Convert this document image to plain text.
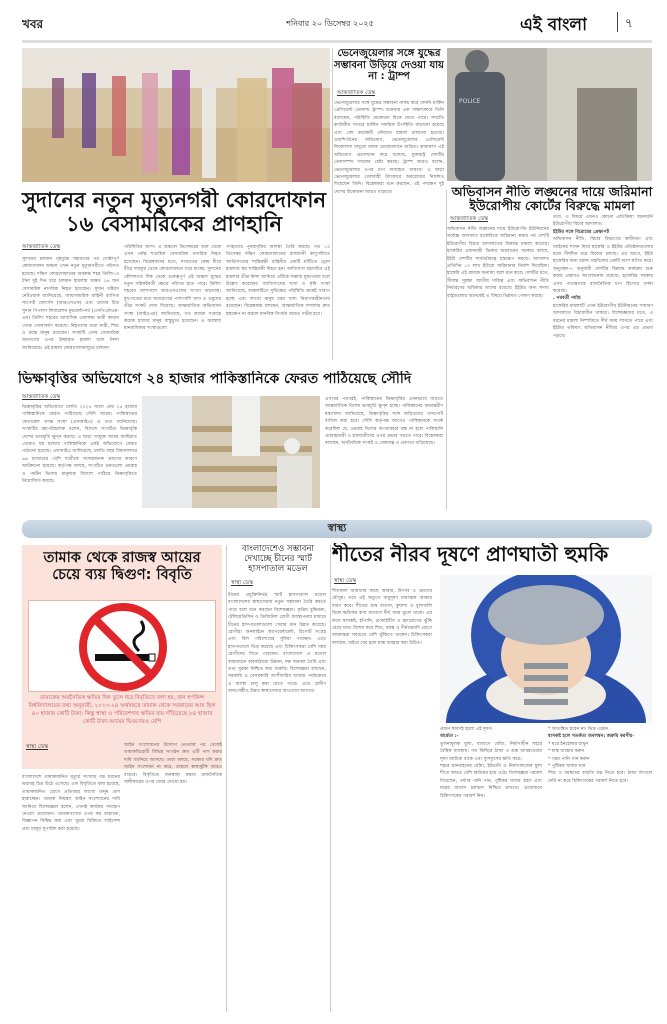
খবর	শনিবার ২০ ডিসেম্বর ২০২৫	এই বাংলা	৭
সুদানের নতুন মৃত্যুনগরী কোরদোফান
১৬ বেসামরিকের প্রাণহানি
আন্তর্জাতিক ডেস্ক
সুদানের চলমান গৃহযুদ্ধে সহায়তার পর গোষ্ঠাপূর্ণ কোরদোফান অঞ্চল এখন নতুন মৃত্যুনগরীতে পরিণত হয়েছে। দক্ষিণ কোরদোফানের অবরুদ্ধ শহর ডিলিং-এ টানা দুই দিন ধরে চলমান হামলায় অন্তত ১৬ জন বেসামরিক নাগরিক নিহত হয়েছেন। সুদান ডক্টরস নেটওয়ার্ক জানিয়েছে, আধাসামরিক বাহিনী র‍্যাপিড সাপোর্ট ফোর্সেস (আরএসএফ) এবং তাদের মিত্র সুদান পিপলস লিবারেশন মুভমেন্ট-নর্থ (এসপিএলএম-এন) ডিলিং শহরের আবাসিক এলাকায় ভারী কামান থেকে গোলাবর্ষণ করেছে। নিহতদের মধ্যে নারী, শিশু ও বয়স্ক মানুষ রয়েছেন। সংস্থাটি এসব বেসামরিক জনগণের ওপর ইচ্ছাকৃত হামলা বলে নিন্দা জানিয়েছে। এই হামলা কোরদোফানজুড়ে চলমান
পরিস্থিতির অংশ। এ অঞ্চলে ডিসেম্বরের শুরু থেকে এখন পর্যন্ত শতাধিক বেসামরিক নাগরিক নিহত হয়েছেন। বিশ্লেষকদের মতে, সংঘাতের কেন্দ্র ধীরে ধীরে দারফুর থেকে কোরদোফানে সরে যাচ্ছে। সুদানের কৌশলগত দিক থেকে গুরুত্বপূর্ণ এই অঞ্চল যুদ্ধের নতুন সন্নিকটবর্তী ক্ষেত্রে পরিণত হতে পারে। ডিলিং শহরের আশপাশে আরএসএফের সংখ্যা বাড়াচ্ছে। মুখপাত্রের মতে অবরোধের পাশাপাশি খাদ্য ও ওষুধের তীব্র সংকট দেখা দিয়েছে। আন্তর্জাতিক অভিবাসন সংস্থা (আইওএম) জানিয়েছে, গত কয়েক সপ্তাহে কয়েক হাজার মানুষ বাস্তুচ্যুত হয়েছেন। এ অবস্থায় মানবাধিকার সংস্থাগুলো
গণহত্যার পুনরাবৃত্তির আশঙ্কা তৈরি করছে। গত ১৩ ডিসেম্বর দক্ষিণ কোরদোফানের রাজধানী কাদুগলিতে জাতিসংঘের শান্তিরক্ষী বাহিনীর একটি ঘাঁটিতে ড্রোন হামলায় ছয় শান্তিরক্ষী নিহত হন। জাতিসংঘ মহাসচিব এই হামলার তীব্র নিন্দা জানিয়ে এটিকে সম্ভাব্য যুদ্ধাপরাধ বলে উল্লেখ করেছেন। জাতিসংঘের খাদ্য ও কৃষি সংস্থা জানিয়েছে, অঞ্চলটিতে দুর্ভিক্ষের পরিস্থিতি ক্রমেই খারাপ হচ্ছে এবং লাখো মানুষ চরম খাদ্য নিরাপত্তাহীনতায় রয়েছেন। বিশ্লেষকরা বলছেন, আন্তর্জাতিক সম্প্রদায় দ্রুত হস্তক্ষেপ না করলে মানবিক বিপর্যয় আরও গভীর হবে।
ভেনেজুয়েলার সঙ্গে যুদ্ধের সম্ভাবনা উড়িয়ে দেওয়া যায় না : ট্রাম্প
আন্তর্জাতিক ডেস্ক
ভেনেজুয়েলার সঙ্গে যুদ্ধের সম্ভাবনা নাকচ করে দেননি মার্কিন প্রেসিডেন্ট ডোনাল্ড ট্রাম্প। শুক্রবার এক সাক্ষাৎকারে তিনি বলেছেন, পরিস্থিতি যেকোনো দিকে যেতে পারে। সম্প্রতি ক্যারিবীয় সাগরে মার্কিন সামরিক উপস্থিতি বাড়ানো হয়েছে এবং বেশ কয়েকটি নৌযানে হামলা চালানো হয়েছে। ওয়াশিংটনের অভিযোগ, ভেনেজুয়েলার প্রেসিডেন্ট নিকোলাস মাদুরো মাদক চোরাচালানে জড়িত। কারাকাস এই অভিযোগ প্রত্যাখ্যান করে বলেছে, যুক্তরাষ্ট্র দেশটির তেলসম্পদ দখলের চেষ্টা করছে। ট্রাম্প আরও বলেন, ভেনেজুয়েলার ওপর চাপ অব্যাহত থাকবে। এ ছাড়া ভেনেজুয়েলার তেলবাহী ট্যাংকারে অবরোধের নির্দেশও দিয়েছেন তিনি। বিশ্লেষকরা মনে করছেন, এই পদক্ষেপ দুই দেশের উত্তেজনা আরও বাড়াবে।
POLICE
অভিবাসন নীতি লঙ্ঘনের দায়ে জরিমানা
ইউরোপীয় কোর্টের বিরুদ্ধে মামলা
আন্তর্জাতিক ডেস্ক
অভিবাসন নীতি লঙ্ঘনের দায়ে ইউরোপীয় ইউনিয়নের সর্বোচ্চ আদালত হাঙ্গেরিকে জরিমানা করার পর দেশটি ইউরোপীয় বিচার আদালতের বিরুদ্ধে মামলা করেছে। হাঙ্গেরির প্রধানমন্ত্রী ভিক্তর অরবানের সরকার বলছে, ইইউ দেশটির সার্বভৌমত্বে হস্তক্ষেপ করছে। আদালত প্রতিদিন ১০ লাখ ইউরো জরিমানার নির্দেশ দিয়েছিল। হাঙ্গেরি এই রায়কে অন্যায্য বলে মনে করে। দেশটির মতে, সীমান্ত সুরক্ষা জাতীয় দায়িত্ব এবং অভিবাসন নীতি নির্ধারণের অধিকার তাদের রয়েছে। ইইউর অন্য সদস্য রাষ্ট্রগুলোর অনেকেই এ বিষয়ে ভিন্নমত পোষণ করছে।
তবে, এ বিষয়ে এখনও কোনো প্রতিক্রিয়া জানায়নি ইউরোপীয় বিচার আদালত।
ইইউর সঙ্গে বিরোধের প্রেক্ষাপট
অভিবাসন নীতি, বিচার বিভাগের স্বাধীনতা এবং আইনের শাসন নিয়ে হাঙ্গেরি ও ইইউর প্রতিষ্ঠানগুলোর মধ্যে দীর্ঘদিন ধরে বিরোধ চলছে। এর আগে, ইইউ হাঙ্গেরির জন্য বরাদ্দ তহবিলের একটি অংশ স্থগিত করে। অনুচ্ছেদ-৭ অনুযায়ী দেশটির বিরুদ্ধে কার্যক্রম শুরু করার প্রস্তাবও আলোচনায় রয়েছে। হাঙ্গেরির সরকার এসব পদক্ষেপকে রাজনৈতিক চাপ হিসেবে বর্ণনা করেছে।
. পরবর্তী পর্যায়
হাঙ্গেরির মামলাটি এখন ইউরোপীয় ইউনিয়নের সাধারণ আদালতে বিচারাধীন থাকবে। বিশেষজ্ঞদের মতে, এ ধরনের মামলা নিষ্পত্তিতে দীর্ঘ সময় লাগতে পারে এবং ইইউর ভবিষ্যৎ অভিবাসন নীতির ওপর এর প্রভাব পড়বে।
ভিক্ষাবৃত্তির অভিযোগে ২৪ হাজার পাকিস্তানিকে ফেরত পাঠিয়েছে সৌদি
আন্তর্জাতিক ডেস্ক
ভিক্ষাবৃত্তির অভিযোগে চলতি ২০২৫ সালে প্রায় ২৪ হাজার পাকিস্তানিকে ফেরত পাঠিয়েছে সৌদি আরব। পাকিস্তানের ফেডারেল তদন্ত সংস্থা (এফআইএ) এ তথ্য জানিয়েছে। সংস্থাটির মহাপরিচালক বলেন, বিদেশে সংগঠিত ভিক্ষাবৃত্তি দেশের ভাবমূর্তি ক্ষুণ্ন করছে। এ ছাড়া সংযুক্ত আরব আমিরাত থেকেও ছয় হাজার পাকিস্তানিকে একই অভিযোগে ফেরত পাঠানো হয়েছে। এফআইএ জানিয়েছে, চলতি বছর বিমানবন্দরে ৬৬ হাজারের বেশি যাত্রীকে সন্দেহজনক ভ্রমণের কারণে আটকানো হয়েছে। কর্তৃপক্ষ বলছে, সংগঠিত চক্রগুলো ওমরাহ ও পর্যটন ভিসায় মানুষকে বিদেশে পাঠিয়ে ভিক্ষাবৃত্তিতে নিয়োজিত করছে।
এসবের পরপরই, পাকিস্তানের ভিক্ষাবৃত্তির এমনভাবে বাড়তে আন্তর্জাতিক বিশেষ ভাবমূর্তি ক্ষুণ্ন হচ্ছে। পাকিস্তানের অভ্যন্তরীণ মন্ত্রণালয় জানিয়েছে, ভিক্ষাবৃত্তির সঙ্গে জড়িতদের পাসপোর্ট বাতিল করা হবে। সৌদি কর্তৃপক্ষ আগেও পাকিস্তানকে সতর্ক করেছিল যে, ওমরাহ ভিসার অপব্যবহার বন্ধ না হলে পাকিস্তানি ওমরাহযাত্রী ও হজযাত্রীদের ওপর প্রভাব পড়তে পারে। বিশ্লেষকরা বলছেন, অর্থনৈতিক সংকট ও বেকারত্ব এ প্রবণতা বাড়িয়েছে।
স্বাস্থ্য
তামাক থেকে রাজস্ব আয়ের
চেয়ে ব্যয় দ্বিগুণ: বিবৃতি
তামাকের অর্থনৈতিক ক্ষতির দিক তুলে ধরে বিবৃতিতে বলা হয়, জন হপকিন্স বিশ্ববিদ্যালয়ের তথ্য অনুযায়ী, ২০২৩-২৪ অর্থবছরে তামাক থেকে সরকারের আয় ছিল ৪০ হাজার কোটি টাকা; কিন্তু স্বাস্থ্য ও পরিবেশগত ক্ষতির ব্যয় দাঁড়িয়েছে ৮৪ হাজার কোটি টাকা-আয়ের দ্বিগুণেরও বেশি
স্বাস্থ্য ডেস্ক
বাংলাদেশে তামাকজনিত মৃত্যুর সংখ্যায় বড় ধরনের ভয়াবহ চিত্র উঠে এসেছে। এক বিবৃতিতে বলা হয়েছে, তামাকজনিত রোগে প্রতিবছর লাখো মানুষ প্রাণ হারাচ্ছেন। তামাক নিয়ন্ত্রণ আইন সংশোধনের দাবি জানিয়ে বিশেষজ্ঞরা বলেন, এখনই কার্যকর পদক্ষেপ নেওয়া প্রয়োজন। তামাকপণ্যের ওপর কর বাড়ানো, বিজ্ঞাপন নিষিদ্ধ করা এবং খুচরা বিক্রিতে লাইসেন্স প্রথা চালুর সুপারিশ করা হয়েছে।
আইন সংশোধনের উদ্যোগ নেওয়ার পর থেকেই তামাকবিরোধী বিভিন্ন সংগঠন দ্রুত এটি পাস করার দাবি জানিয়ে আসছে। তারা বলছে, সরকার যদি দ্রুত আইন সংশোধন না করে, তাহলে স্বাস্থ্যঝুঁকি আরও বাড়বে। বিবৃতিতে জনস্বাস্থ্য রক্ষায় রাজনৈতিক অঙ্গীকারের ওপর জোর দেওয়া হয়।
বাংলাদেশেও সম্ভাবনা দেখাচ্ছে চীনের স্মার্ট হাসপাতাল মডেল
স্বাস্থ্য ডেস্ক
চীনের প্রযুক্তিনির্ভর স্মার্ট হাসপাতাল মডেল বাংলাদেশের স্বাস্থ্যসেবায় নতুন সম্ভাবনা তৈরি করতে পারে বলে মনে করছেন বিশেষজ্ঞরা। কৃত্রিম বুদ্ধিমত্তা, টেলিমেডিসিন ও ডিজিটাল রোগী ব্যবস্থাপনার মাধ্যমে চীনের হাসপাতালগুলো সেবার মান উন্নত করেছে। রোগীরা অনলাইনে অ্যাপয়েন্টমেন্ট, রিপোর্ট সংগ্রহ এবং বিল পরিশোধের সুবিধা পাচ্ছেন। এতে হাসপাতালে ভিড় কমেছে এবং চিকিৎসকরা বেশি সময় রোগীদের দিতে পারছেন। বাংলাদেশে এ মডেল বাস্তবায়নে অবকাঠামো উন্নয়ন, দক্ষ জনবল তৈরি এবং তথ্য সুরক্ষা নিশ্চিত করা জরুরি। বিশেষজ্ঞরা বলছেন, সরকারি ও বেসরকারি অংশীদারির মাধ্যমে পর্যায়ক্রমে এ ব্যবস্থা চালু করা যেতে পারে। এতে গ্রামীণ জনগোষ্ঠীও উন্নত স্বাস্থ্যসেবার আওতায় আসবে।
শীতের নীরব দূষণে প্রাণঘাতী হুমকি
স্বাস্থ্য ডেস্ক
শীতকাল আমাদের কাছে আরাম, উৎসব ও ভ্রমণের মৌসুম। তবে এই ঋতুতে বায়ুদূষণ মারাত্মক আকার ধারণ করে। শীতের শুষ্ক বাতাস, কুয়াশা ও ধুলাবালি মিলে ক্ষতিকর কণা বাতাসে দীর্ঘ সময় ঝুলে থাকে। এর ফলে শ্বাসকষ্ট, হাঁপানি, ব্রংকাইটিস ও হৃদরোগের ঝুঁকি বেড়ে যায়। বিশেষ করে শিশু, বয়স্ক ও দীর্ঘমেয়াদি রোগে আক্রান্তরা সবচেয়ে বেশি ঝুঁকিতে থাকেন। চিকিৎসকরা বলছেন, বাইরে বের হলে মাস্ক ব্যবহার করা উচিত।
প্রধান কারণই হলো এই দূষণ।
আর্দ্রতা :-
তুলনামূলক ধুলা, বাতাসে ধোঁয়া, নির্মাণাধীন শহরে বৈশ্বিক ব্যবস্থায়। গত কিছিরে ঠান্ডা ও শুষ্ক আবহাওয়ায় দূষণ আটকে থাকে এবং ফুসফুসের ক্ষতি করে।
শহরে যানবাহনের ধোঁয়া, ইটভাটা ও নির্মাণকাজের ধুলা শীতে আরও বেশি ক্ষতিকর হয়ে ওঠে। বিশেষজ্ঞরা পরামর্শ দিয়েছেন, পর্যাপ্ত পানি পান, পুষ্টিকর খাবার গ্রহণ এবং ঘরের বাতাস চলাচল নিশ্চিত রাখতে। প্রয়োজনে চিকিৎসকের পরামর্শ নিন।
* আতঙ্কিত হবেন না। ভিড় এড়ান
শ্বাসকষ্ট হলে সতর্কতা অবলম্বন: জরুরি করণীয়-
* ঘরে ইনহেলার রাখুন
* মাস্ক ব্যবহার করুন
* গরম পানি পান করুন
* পুষ্টিকর খাবার খান
শিশু ও বয়স্কদের বাড়তি যত্ন নিতে হবে। ঠান্ডা লাগলে দেরি না করে চিকিৎসকের পরামর্শ নিতে হবে।
